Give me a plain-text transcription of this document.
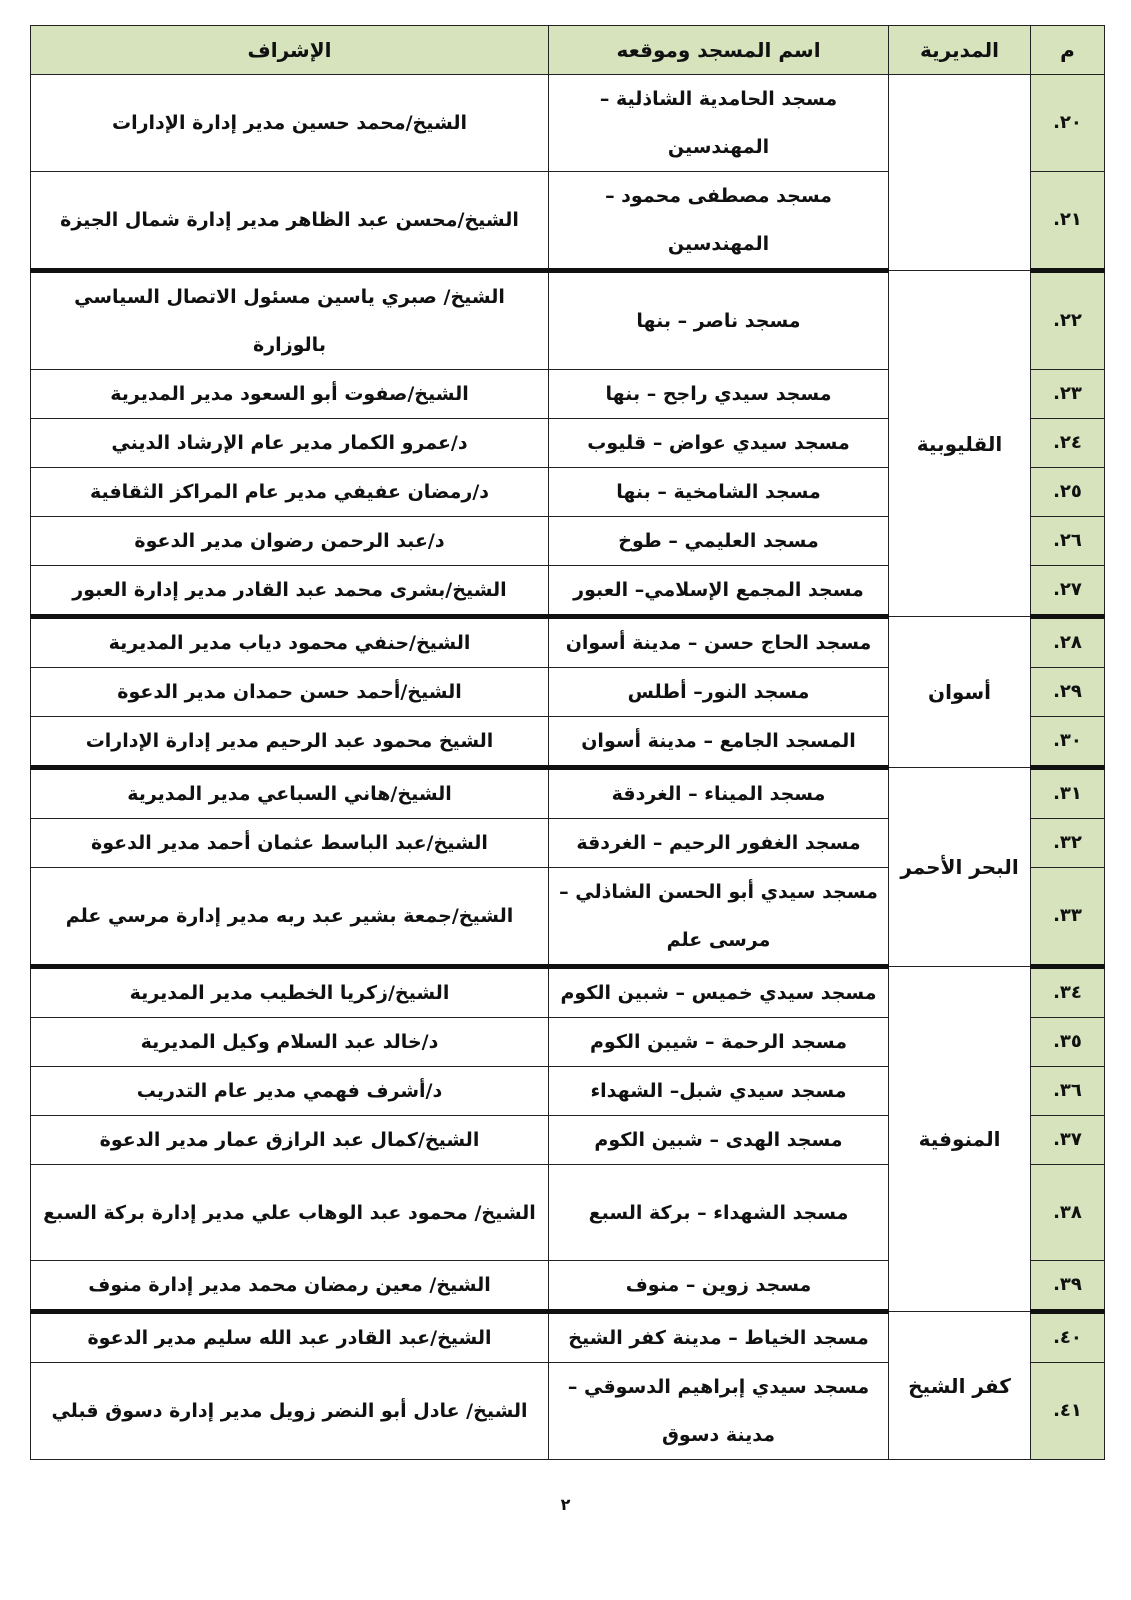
م	المديرية	اسم المسجد وموقعه	الإشراف
.٢٠		مسجد الحامدية الشاذلية – المهندسين	الشيخ/محمد حسين مدير إدارة الإدارات
.٢١		مسجد مصطفى محمود – المهندسين	الشيخ/محسن عبد الظاهر مدير إدارة شمال الجيزة
.٢٢	القليوبية	مسجد ناصر – بنها	الشيخ/ صبري ياسين مسئول الاتصال السياسي بالوزارة
.٢٣		مسجد سيدي راجح – بنها	الشيخ/صفوت أبو السعود مدير المديرية
.٢٤		مسجد سيدي عواض – قليوب	د/عمرو الكمار مدير عام الإرشاد الديني
.٢٥		مسجد الشامخية – بنها	د/رمضان عفيفي مدير عام المراكز الثقافية
.٢٦		مسجد العليمي – طوخ	د/عبد الرحمن رضوان مدير الدعوة
.٢٧		مسجد المجمع الإسلامي– العبور	الشيخ/بشرى محمد عبد القادر مدير إدارة العبور
.٢٨	أسوان	مسجد الحاج حسن – مدينة أسوان	الشيخ/حنفي محمود دياب مدير المديرية
.٢٩		مسجد النور– أطلس	الشيخ/أحمد حسن حمدان مدير الدعوة
.٣٠		المسجد الجامع – مدينة أسوان	الشيخ محمود عبد الرحيم مدير إدارة الإدارات
.٣١	البحر الأحمر	مسجد الميناء – الغردقة	الشيخ/هاني السباعي مدير المديرية
.٣٢		مسجد الغفور الرحيم – الغردقة	الشيخ/عبد الباسط عثمان أحمد مدير الدعوة
.٣٣		مسجد سيدي أبو الحسن الشاذلي – مرسى علم	الشيخ/جمعة بشير عبد ربه مدير إدارة مرسي علم
.٣٤	المنوفية	مسجد سيدي خميس – شبين الكوم	الشيخ/زكريا الخطيب مدير المديرية
.٣٥		مسجد الرحمة – شيبن الكوم	د/خالد عبد السلام وكيل المديرية
.٣٦		مسجد سيدي شبل– الشهداء	د/أشرف فهمي مدير عام التدريب
.٣٧		مسجد الهدى – شبين الكوم	الشيخ/كمال عبد الرازق عمار مدير الدعوة
.٣٨		مسجد الشهداء – بركة السبع	الشيخ/ محمود عبد الوهاب علي مدير إدارة بركة السبع
.٣٩		مسجد زوين – منوف	الشيخ/ معين رمضان محمد مدير إدارة منوف
.٤٠	كفر الشيخ	مسجد الخياط – مدينة كفر الشيخ	الشيخ/عبد القادر عبد الله سليم مدير الدعوة
.٤١		مسجد سيدي إبراهيم الدسوقي – مدينة دسوق	الشيخ/ عادل أبو النضر زويل مدير إدارة دسوق قبلي
٢
